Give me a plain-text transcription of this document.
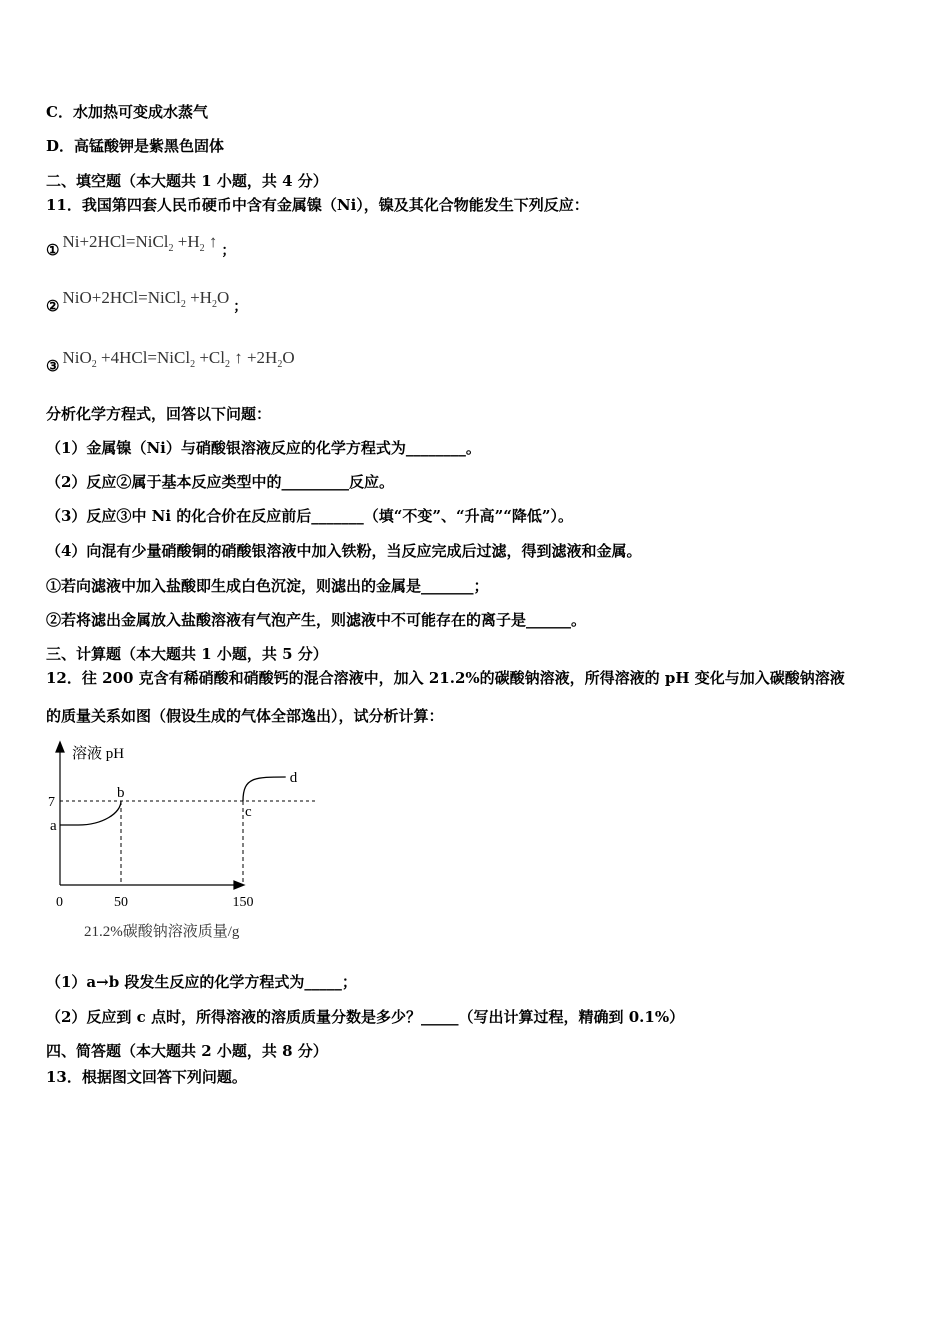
C．水加热可变成水蒸气
D．高锰酸钾是紫黑色固体
二、填空题（本大题共 1 小题，共 4 分）
11．我国第四套人民币硬币中含有金属镍（Ni），镍及其化合物能发生下列反应：
① Ni+2HCl=NiCl$_2$ $+H_2$ ↑；
② NiO+2HCl=NiCl$_2$ $+H_2O$；
③ NiO$_2$ +4HCl=NiCl$_2$ $+Cl_2$ ↑ $+2H_2O$
分析化学方程式，回答以下问题：
（1）金属镍（Ni）与硝酸银溶液反应的化学方程式为________。
（2）反应②属于基本反应类型中的_________反应。
（3）反应③中 Ni 的化合价在反应前后_______（填“不变”、“升高”“降低”）。
（4）向混有少量硝酸铜的硝酸银溶液中加入铁粉，当反应完成后过滤，得到滤液和金属。
①若向滤液中加入盐酸即生成白色沉淀，则滤出的金属是_______；
②若将滤出金属放入盐酸溶液有气泡产生，则滤液中不可能存在的离子是______。
三、计算题（本大题共 1 小题，共 5 分）
12．往 200 克含有稀硝酸和硝酸钙的混合溶液中，加入 21.2%的碳酸钠溶液，所得溶液的 pH 变化与加入碳酸钠溶液
的质量关系如图（假设生成的气体全部逸出），试分析计算：
7
50	150
a
b
c
d
溶液 pH
0
21.2%碳酸钠溶液质量/g
（1）a→b 段发生反应的化学方程式为_____；
（2）反应到 c 点时，所得溶液的溶质质量分数是多少？_____（写出计算过程，精确到 0.1%）
四、简答题（本大题共 2 小题，共 8 分）
13．根据图文回答下列问题。
